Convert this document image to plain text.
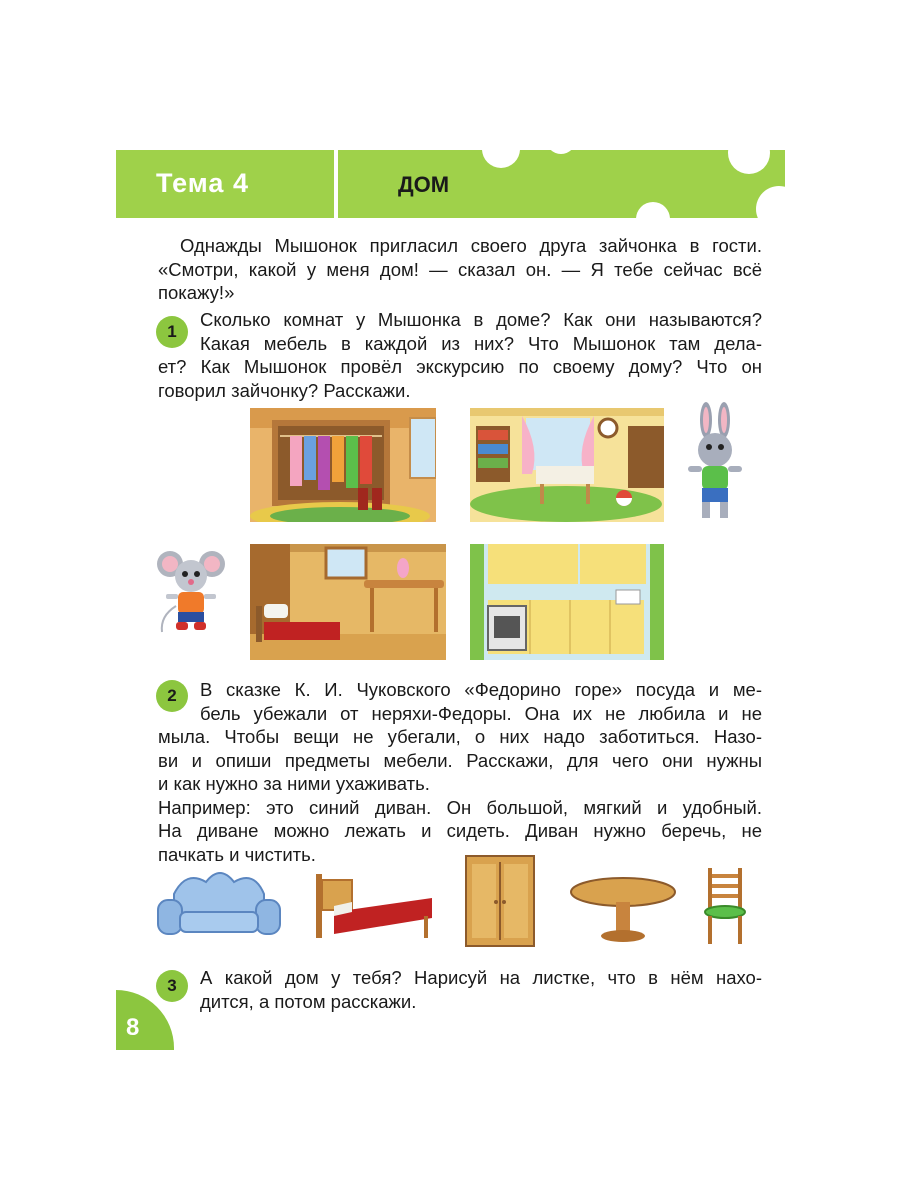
Тема 4	ДОМ
Однажды Мышонок пригласил своего друга зайчонка в гости.
«Смотри, какой у меня дом! — сказал он. — Я тебе сейчас всё
покажу!»
1
Сколько комнат у Мышонка в доме? Как они называются?
Какая мебель в каждой из них? Что Мышонок там дела-
ет? Как Мышонок провёл экскурсию по своему дому? Что он
говорил зайчонку? Расскажи.
2	В сказке К. И. Чуковского «Федорино горе» посуда и ме-
бель убежали от неряхи-Федоры. Она их не любила и не
мыла. Чтобы вещи не убегали, о них надо заботиться. Назо-
ви и опиши предметы мебели. Расскажи, для чего они нужны
и как нужно за ними ухаживать.
Например: это синий диван. Он большой, мягкий и удобный.
На диване можно лежать и сидеть. Диван нужно беречь, не
пачкать и чистить.
3	А какой дом у тебя? Нарисуй на листке, что в нём нахо-
дится, а потом расскажи.
8
